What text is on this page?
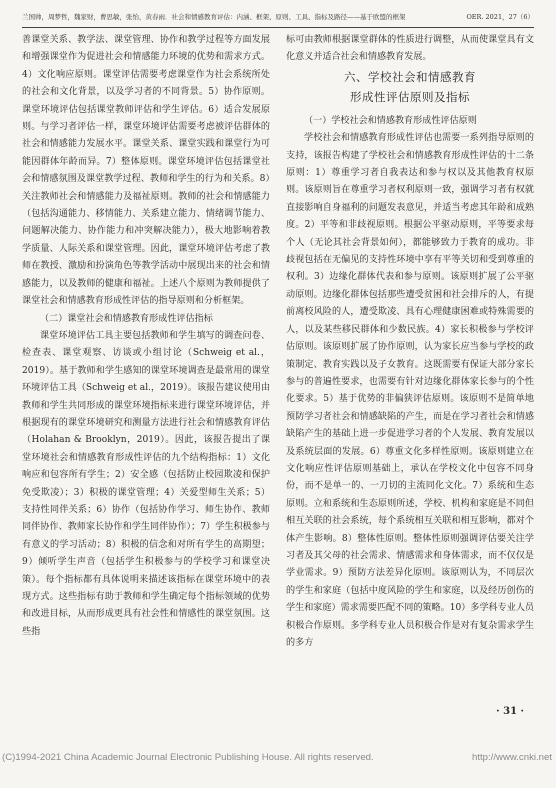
兰国帅，周梦哲，魏家财，曹思敏，张怡，黄春雨．社会和情感教育评估：内涵、框架、原则、工具、指标及路径——基于欧盟的框架	OER. 2021，27（6）

善课堂关系、教学法、课堂管理、协作和教学过程等方面发展和增强课堂作为促进社会和情感能力环境的优势和需求方式。4）文化响应原则。课堂评估需要考虑课堂作为社会系统所处的社会和文化背景，以及学习者的不同背景。5）协作原则。课堂环境评估包括课堂教师评估和学生评估。6）适合发展原则。与学习者评估一样，课堂环境评估需要考虑被评估群体的社会和情感能力发展水平。课堂关系、课堂实践和课堂行为可能因群体年龄而异。7）整体原则。课堂环境评估包括课堂社会和情感氛围及课堂教学过程、教师和学生的行为和关系。8）关注教师社会和情感能力及福祉原则。教师的社会和情感能力（包括沟通能力、移情能力、关系建立能力、情绪调节能力、问题解决能力、协作能力和冲突解决能力），极大地影响着教学质量、人际关系和课堂管理。因此，课堂环境评估考虑了教师在教授、激励和扮演角色等教学活动中展现出来的社会和情感能力，以及教师的健康和福祉。上述八个原则为教师提供了课堂社会和情感教育形成性评估的指导原则和分析框架。

（二）课堂社会和情感教育形成性评估指标

课堂环境评估工具主要包括教师和学生填写的调查问卷、检查表、课堂观察、访谈或小组讨论（Schweig et al.，2019）。基于教师和学生感知的课堂环境调查是最常用的课堂环境评估工具（Schweig et al.，2019）。该报告建议使用由教师和学生共同形成的课堂环境指标来进行课堂环境评估，并根据现有的课堂环境研究和测量方法进行社会和情感教育评估（Holahan & Brooklyn，2019）。因此，该报告提出了课堂环境社会和情感教育形成性评估的九个结构指标：1）文化响应和包容所有学生；2）安全感（包括防止校园欺凌和保护免受欺凌）；3）积极的课堂管理；4）关爱型师生关系；5）支持性同伴关系；6）协作（包括协作学习、师生协作、教师同伴协作、教师家长协作和学生同伴协作）；7）学生积极参与有意义的学习活动；8）积极的信念和对所有学生的高期望；9）倾听学生声音（包括学生积极参与的学校学习和课堂决策）。每个指标都有具体说明来描述该指标在课堂环境中的表现方式。这些指标有助于教师和学生确定每个指标领域的优势和改进目标，从而形成更具有社会性和情感性的课堂氛围。这些指

标可由教师根据课堂群体的性质进行调整，从而使课堂具有文化意义并适合社会和情感教育发展。

六、学校社会和情感教育

形成性评估原则及指标

（一）学校社会和情感教育形成性评估原则

学校社会和情感教育形成性评估也需要一系列指导原则的支持，该报告构建了学校社会和情感教育形成性评估的十二条原则：1）尊重学习者自我表达和参与权以及其他教育权原则。该原则旨在尊重学习者权利原则一致，强调学习者有权就直接影响自身福利的问题发表意见，并适当考虑其年龄和成熟度。2）平等和非歧视原则。根据公平驱动原则，平等要求每个人（无论其社会背景如何），都能够致力于教育的成功。非歧视包括在无偏见的支持性环境中享有平等关切和受到尊重的权利。3）边缘化群体代表和参与原则。该原则扩展了公平驱动原则。边缘化群体包括那些遭受贫困和社会排斥的人，有提前离校风险的人，遭受欺凌、具有心理健康困难或特殊需要的人，以及某些移民群体和少数民族。4）家长积极参与学校评估原则。该原则扩展了协作原则，认为家长应当参与学校的政策制定、教育实践以及子女教育。这既需要有保证大部分家长参与的普遍性要求，也需要有针对边缘化群体家长参与的个性化要求。5）基于优势的非偏狭评估原则。该原则不是简单地预防学习者社会和情感缺陷的产生，而是在学习者社会和情感缺陷产生的基础上进一步促进学习者的个人发展、教育发展以及系统层面的发展。6）尊重文化多样性原则。该原则建立在文化响应性评估原则基础上，承认在学校文化中包容不同身份，而不是单一的、一刀切的主流同化文化。7）系统和生态原则。立和系统和生态原则所述，学校、机构和家庭是不同但相互关联的社会系统，每个系统相互关联和相互影响，都对个体产生影响。8）整体性原则。整体性原则强调评估要关注学习者及其父母的社会需求、情感需求和身体需求，而不仅仅是学业需求。9）预防方法差异化原则。该原则认为，不同层次的学生和家庭（包括中度风险的学生和家庭，以及经历创伤的学生和家庭）需求需要匹配不同的策略。10）多学科专业人员积极合作原则。多学科专业人员积极合作是对有复杂需求学生的多方

· 31 ·
(C)1994-2021 China Academic Journal Electronic Publishing House. All rights reserved.	http://www.cnki.net
